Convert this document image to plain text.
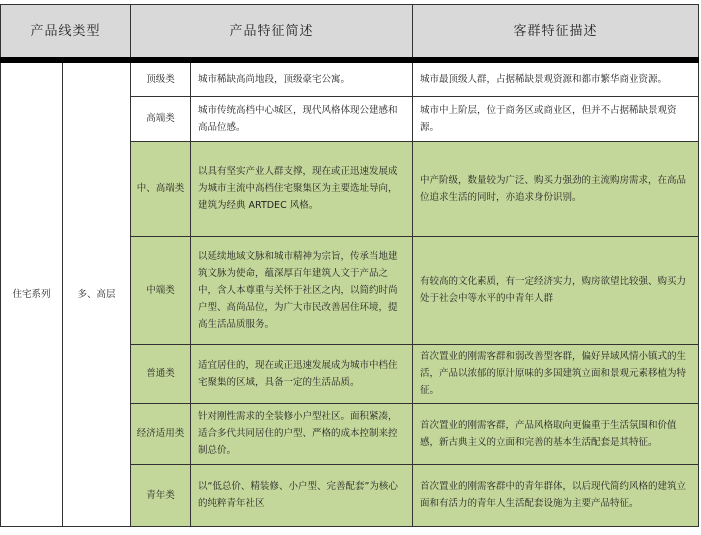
产品线类型		产品特征简述		客群特征描述
住宅系列	多、高层	顶级类	城市稀缺高尚地段，顶级豪宅公寓。	城市最顶级人群，占据稀缺景观资源和都市繁华商业资源。
		高端类	城市传统高档中心城区，现代风格体现公建感和高品位感。	城市中上阶层，位于商务区或商业区，但并不占据稀缺景观资源。
		中、高端类	以具有坚实产业人群支撑，现在或正迅速发展成为城市主流中高档住宅聚集区为主要选址导向，建筑为经典 ARTDEC 风格。	中产阶级，数量较为广泛、购买力强劲的主流购房需求，在高品位追求生活的同时，亦追求身份识别。
		中端类	以延续地域文脉和城市精神为宗旨，传承当地建筑文脉为使命，蕴深厚百年建筑人文于产品之中，含人本尊重与关怀于社区之内，以简约时尚户型、高尚品位，为广大市民改善居住环境，提高生活品质服务。	有较高的文化素质，有一定经济实力，购房欲望比较强、购买力处于社会中等水平的中青年人群
		普通类	适宜居住的，现在或正迅速发展成为城市中档住宅聚集的区域，具备一定的生活品质。	首次置业的刚需客群和弱改善型客群，偏好异域风情小镇式的生活，产品以浓郁的原汁原味的多国建筑立面和景观元素移植为特征。
		经济适用类	针对刚性需求的全装修小户型社区。面积紧凑，适合多代共同居住的户型、严格的成本控制来控制总价。	首次置业的刚需客群，产品风格取向更偏重于生活氛围和价值感，新古典主义的立面和完善的基本生活配套是其特征。
		青年类	以“低总价、精装修、小户型、完善配套”为核心的纯粹青年社区	首次置业的刚需客群中的青年群体，以后现代简约风格的建筑立面和有活力的青年人生活配套设施为主要产品特征。
